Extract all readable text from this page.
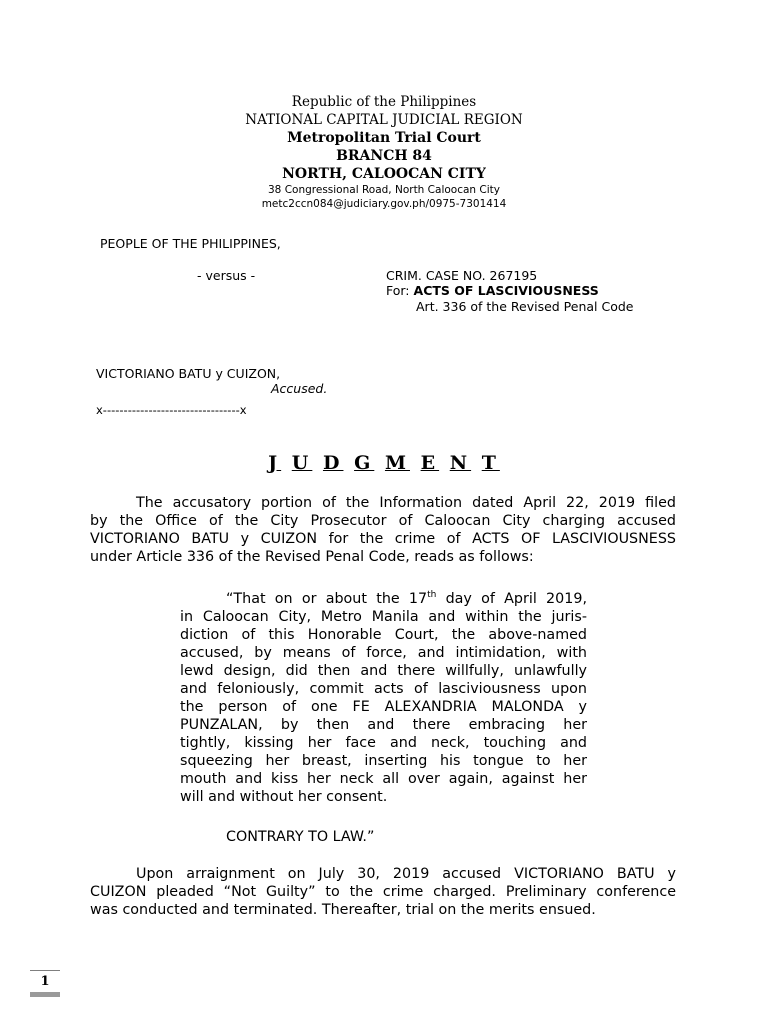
Republic of the Philippines
NATIONAL CAPITAL JUDICIAL REGION
Metropolitan Trial Court
BRANCH 84
NORTH, CALOOCAN CITY
38 Congressional Road, North Caloocan City
metc2ccn084@judiciary.gov.ph/0975-7301414
PEOPLE OF THE PHILIPPINES,
- versus -	CRIM. CASE NO. 267195
For: ACTS OF LASCIVIOUSNESS
Art. 336 of the Revised Penal Code
VICTORIANO BATU y CUIZON,
Accused.
x---------------------------------x
J U D G M E N T
The accusatory portion of the Information dated April 22, 2019 filed
by the Office of the City Prosecutor of Caloocan City charging accused
VICTORIANO BATU y CUIZON for the crime of ACTS OF LASCIVIOUSNESS
under Article 336 of the Revised Penal Code, reads as follows:
“That on or about the 17th day of April 2019,
in Caloocan City, Metro Manila and within the juris-
diction of this Honorable Court, the above-named
accused, by means of force, and intimidation, with
lewd design, did then and there willfully, unlawfully
and feloniously, commit acts of lasciviousness upon
the person of one FE ALEXANDRIA MALONDA y
PUNZALAN, by then and there embracing her
tightly, kissing her face and neck, touching and
squeezing her breast, inserting his tongue to her
mouth and kiss her neck all over again, against her
will and without her consent.
CONTRARY TO LAW.”
Upon arraignment on July 30, 2019 accused VICTORIANO BATU y
CUIZON pleaded “Not Guilty” to the crime charged. Preliminary conference
was conducted and terminated. Thereafter, trial on the merits ensued.
1
